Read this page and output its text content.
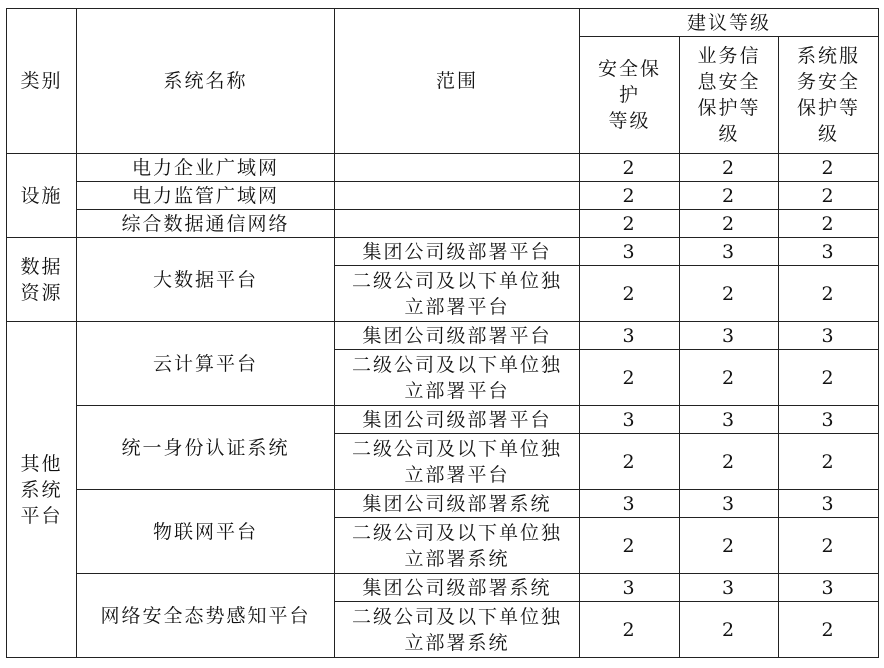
类别	系统名称	范围	建议等级		

			安全保
护
等级	业务信
息安全
保护等
级	系统服
务安全
保护等
级

设施	电力企业广域网		2	2	2
	电力监管广域网		2	2	2
	综合数据通信网络		2	2	2

数据
资源	大数据平台	集团公司级部署平台	3	3	3

		二级公司及以下单位独
立部署平台	2	2	2

其他
系统
平台	云计算平台	集团公司级部署平台	3	3	3

		二级公司及以下单位独
立部署平台	2	2	2
	统一身份认证系统	集团公司级部署平台	3	3	3

		二级公司及以下单位独
立部署平台	2	2	2
	物联网平台	集团公司级部署系统	3	3	3

		二级公司及以下单位独
立部署系统	2	2	2
	网络安全态势感知平台	集团公司级部署系统	3	3	3

		二级公司及以下单位独
立部署系统	2	2	2
